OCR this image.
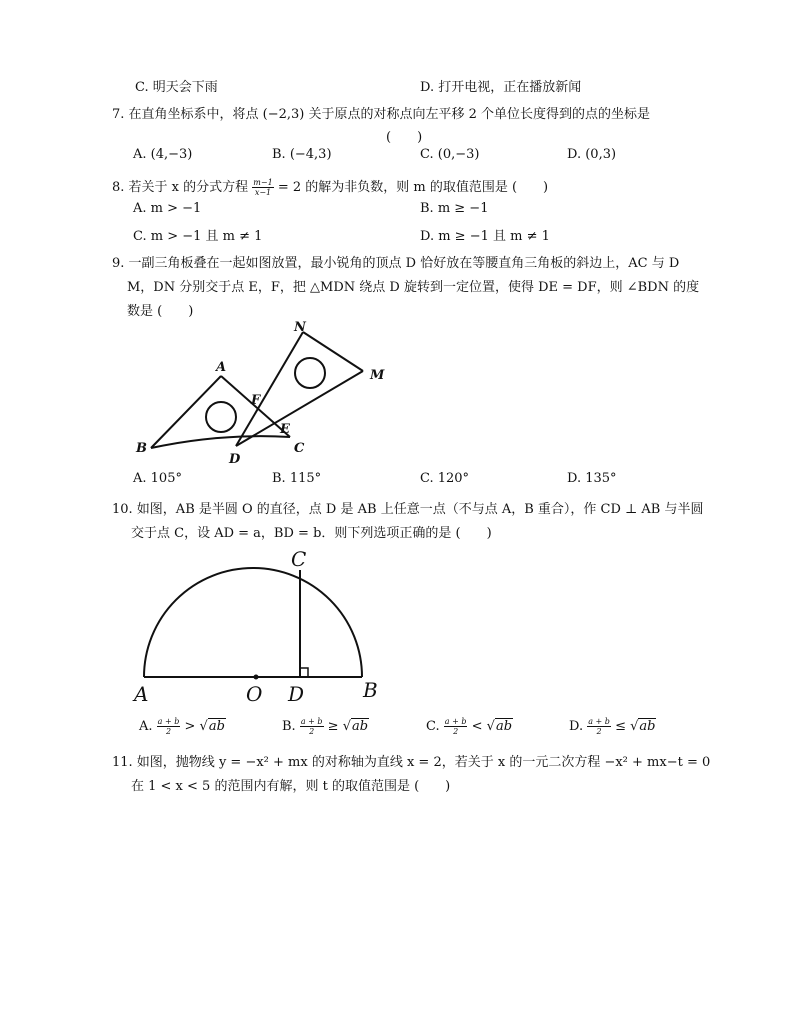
C. 明天会下雨	D. 打开电视，正在播放新闻
7. 在直角坐标系中，将点 (−2,3) 关于原点的对称点向左平移 2 个单位长度得到的点的坐标是
(　　)
A. (4,−3)	B. (−4,3)	C. (0,−3)	D. (0,3)
8. 若关于 x 的分式方程 $\frac{m-1}{x-1} = 2$ 的解为非负数，则 m 的取值范围是 (　　)
A. m > −1	B. m ≥ −1
C. m > −1 且 m ≠ 1	D. m ≥ −1 且 m ≠ 1
9. 一副三角板叠在一起如图放置，最小锐角的顶点 D 恰好放在等腰直角三角板的斜边上，AC 与 D
M，DN 分别交于点 E，F，把 △MDN 绕点 D 旋转到一定位置，使得 DE = DF，则 ∠BDN 的度
数是 (　　)
A
B	C
D
E
F
M
N
A. 105°	B. 115°	C. 120°	D. 135°
10. 如图，AB 是半圆 O 的直径，点 D 是 AB 上任意一点（不与点 A，B 重合），作 CD ⊥ AB 与半圆
交于点 C，设 AD = a，BD = b．则下列选项正确的是 (　　)
A	O D	B
C
A. $\frac{a + b}{2} > √ab$	B. $\frac{a + b}{2} \ge √ab$	C. $\frac{a + b}{2} < √ab$	D. $\frac{a + b}{2} \le √ab$
11. 如图，抛物线 y = −x² + mx 的对称轴为直线 x = 2，若关于 x 的一元二次方程 −x² + mx−t = 0
在 1 < x < 5 的范围内有解，则 t 的取值范围是 (　　)
